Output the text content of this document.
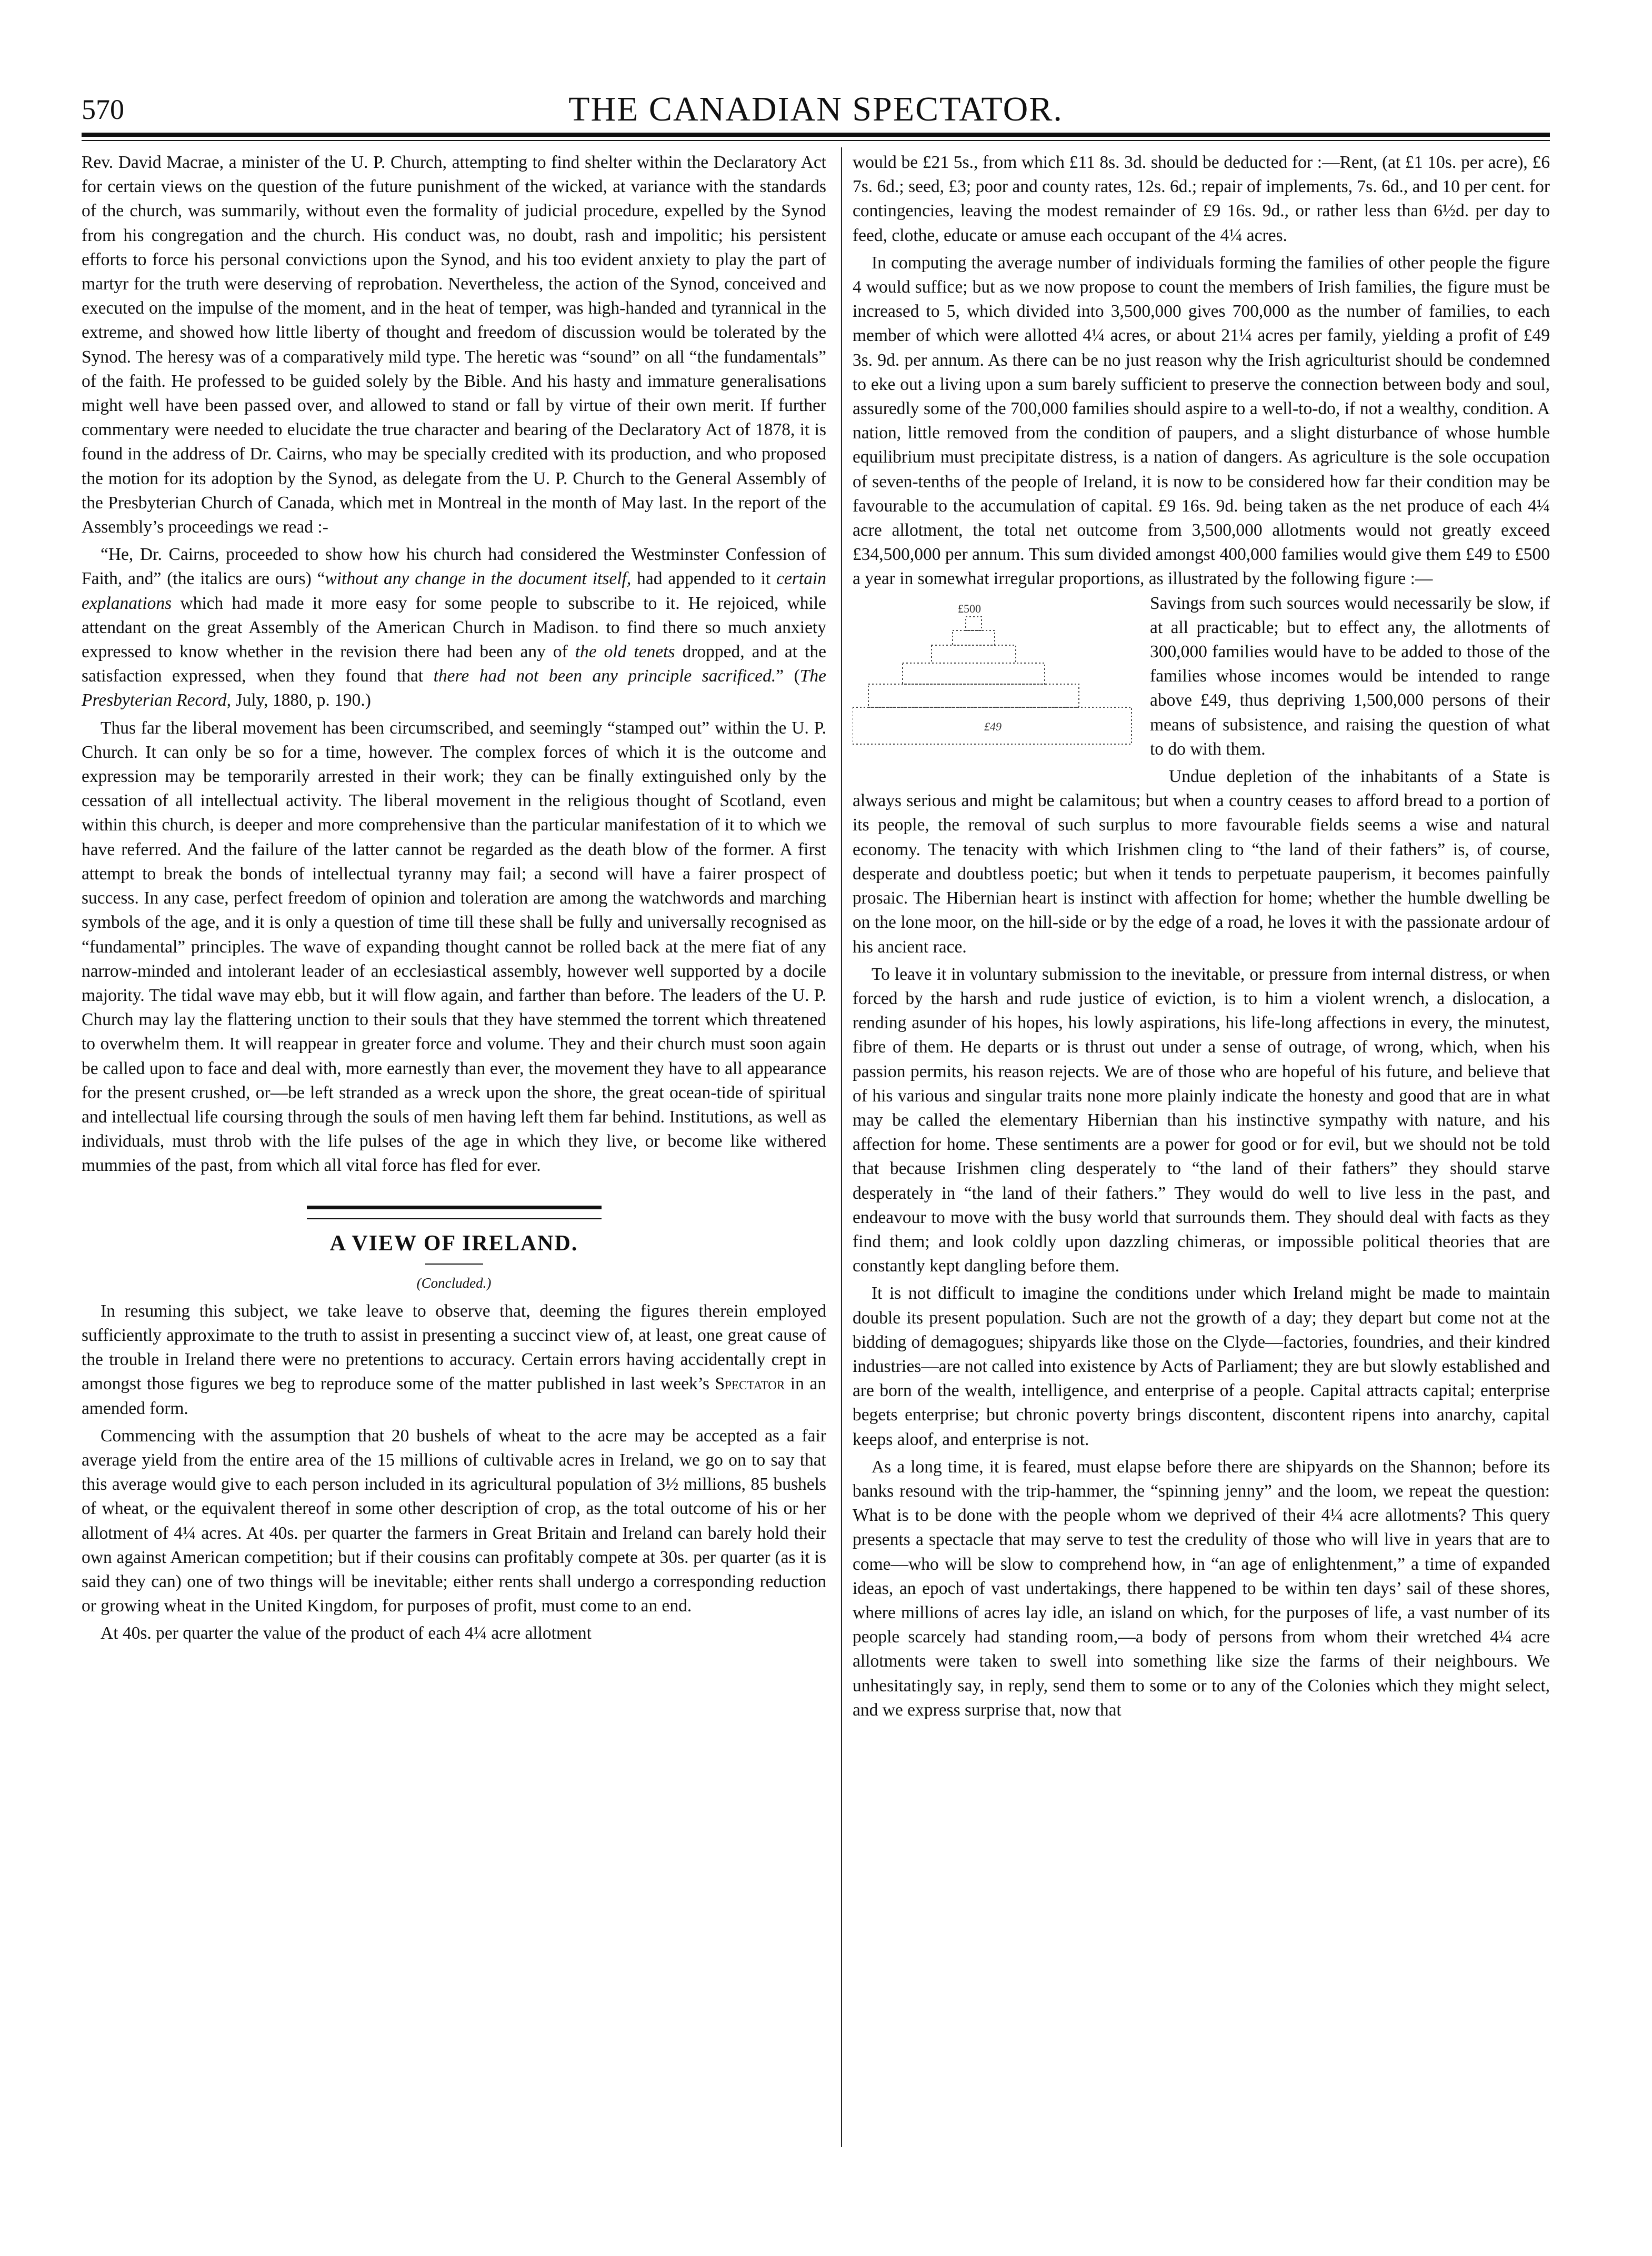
570	THE CANADIAN SPECTATOR.

Rev. David Macrae, a minister of the U. P. Church, attempting to find shelter within the Declaratory Act for certain views on the question of the future punishment of the wicked, at variance with the standards of the church, was summarily, without even the formality of judicial procedure, expelled by the Synod from his congregation and the church. His conduct was, no doubt, rash and impolitic; his persistent efforts to force his personal convictions upon the Synod, and his too evident anxiety to play the part of martyr for the truth were deserving of reprobation. Nevertheless, the action of the Synod, conceived and executed on the impulse of the moment, and in the heat of temper, was high-handed and tyrannical in the extreme, and showed how little liberty of thought and freedom of discussion would be tolerated by the Synod. The heresy was of a comparatively mild type. The heretic was “sound” on all “the fundamentals” of the faith. He professed to be guided solely by the Bible. And his hasty and immature generalisations might well have been passed over, and allowed to stand or fall by virtue of their own merit. If further commentary were needed to elucidate the true character and bearing of the Declaratory Act of 1878, it is found in the address of Dr. Cairns, who may be specially credited with its production, and who proposed the motion for its adoption by the Synod, as delegate from the U. P. Church to the General Assembly of the Presbyterian Church of Canada, which met in Montreal in the month of May last. In the report of the Assembly’s proceedings we read :-

“He, Dr. Cairns, proceeded to show how his church had considered the Westminster Confession of Faith, and” (the italics are ours) “without any change in the document itself, had appended to it certain explanations which had made it more easy for some people to subscribe to it. He rejoiced, while attendant on the great Assembly of the American Church in Madison. to find there so much anxiety expressed to know whether in the revision there had been any of the old tenets dropped, and at the satisfaction expressed, when they found that there had not been any principle sacrificed.” (The Presbyterian Record, July, 1880, p. 190.)

Thus far the liberal movement has been circumscribed, and seemingly “stamped out” within the U. P. Church. It can only be so for a time, however. The complex forces of which it is the outcome and expression may be temporarily arrested in their work; they can be finally extinguished only by the cessation of all intellectual activity. The liberal movement in the religious thought of Scotland, even within this church, is deeper and more comprehensive than the particular manifestation of it to which we have referred. And the failure of the latter cannot be regarded as the death blow of the former. A first attempt to break the bonds of intellectual tyranny may fail; a second will have a fairer prospect of success. In any case, perfect freedom of opinion and toleration are among the watchwords and marching symbols of the age, and it is only a question of time till these shall be fully and universally recognised as “fundamental” principles. The wave of expanding thought cannot be rolled back at the mere fiat of any narrow-minded and intolerant leader of an ecclesiastical assembly, however well supported by a docile majority. The tidal wave may ebb, but it will flow again, and farther than before. The leaders of the U. P. Church may lay the flattering unction to their souls that they have stemmed the torrent which threatened to overwhelm them. It will reappear in greater force and volume. They and their church must soon again be called upon to face and deal with, more earnestly than ever, the movement they have to all appearance for the present crushed, or—be left stranded as a wreck upon the shore, the great ocean-tide of spiritual and intellectual life coursing through the souls of men having left them far behind. Institutions, as well as individuals, must throb with the life pulses of the age in which they live, or become like withered mummies of the past, from which all vital force has fled for ever.

A VIEW OF IRELAND.
(Concluded.)

In resuming this subject, we take leave to observe that, deeming the figures therein employed sufficiently approximate to the truth to assist in presenting a succinct view of, at least, one great cause of the trouble in Ireland there were no pretentions to accuracy. Certain errors having accidentally crept in amongst those figures we beg to reproduce some of the matter published in last week’s Spectator in an amended form.

Commencing with the assumption that 20 bushels of wheat to the acre may be accepted as a fair average yield from the entire area of the 15 millions of cultivable acres in Ireland, we go on to say that this average would give to each person included in its agricultural population of 3½ millions, 85 bushels of wheat, or the equivalent thereof in some other description of crop, as the total outcome of his or her allotment of 4¼ acres. At 40s. per quarter the farmers in Great Britain and Ireland can barely hold their own against American competition; but if their cousins can profitably compete at 30s. per quarter (as it is said they can) one of two things will be inevitable; either rents shall undergo a corresponding reduction or growing wheat in the United Kingdom, for purposes of profit, must come to an end.

At 40s. per quarter the value of the product of each 4¼ acre allotment

would be £21 5s., from which £11 8s. 3d. should be deducted for :—Rent, (at £1 10s. per acre), £6 7s. 6d.; seed, £3; poor and county rates, 12s. 6d.; repair of implements, 7s. 6d., and 10 per cent. for contingencies, leaving the modest remainder of £9 16s. 9d., or rather less than 6½d. per day to feed, clothe, educate or amuse each occupant of the 4¼ acres.

In computing the average number of individuals forming the families of other people the figure 4 would suffice; but as we now propose to count the members of Irish families, the figure must be increased to 5, which divided into 3,500,000 gives 700,000 as the number of families, to each member of which were allotted 4¼ acres, or about 21¼ acres per family, yielding a profit of £49 3s. 9d. per annum. As there can be no just reason why the Irish agriculturist should be condemned to eke out a living upon a sum barely sufficient to preserve the connection between body and soul, assuredly some of the 700,000 families should aspire to a well-to-do, if not a wealthy, condition. A nation, little removed from the condition of paupers, and a slight disturbance of whose humble equilibrium must precipitate distress, is a nation of dangers. As agriculture is the sole occupation of seven-tenths of the people of Ireland, it is now to be considered how far their condition may be favourable to the accumulation of capital. £9 16s. 9d. being taken as the net produce of each 4¼ acre allotment, the total net outcome from 3,500,000 allotments would not greatly exceed £34,500,000 per annum. This sum divided amongst 400,000 families would give them £49 to £500 a year in somewhat irregular proportions, as illustrated by the following figure :—

£500
£49

Savings from such sources would necessarily be slow, if at all practicable; but to effect any, the allotments of 300,000 families would have to be added to those of the families whose incomes would be intended to range above £49, thus depriving 1,500,000 persons of their means of subsistence, and raising the question of what to do with them.

Undue depletion of the inhabitants of a State is always serious and might be calamitous; but when a country ceases to afford bread to a portion of its people, the removal of such surplus to more favourable fields seems a wise and natural economy. The tenacity with which Irishmen cling to “the land of their fathers” is, of course, desperate and doubtless poetic; but when it tends to perpetuate pauperism, it becomes painfully prosaic. The Hibernian heart is instinct with affection for home; whether the humble dwelling be on the lone moor, on the hill-side or by the edge of a road, he loves it with the passionate ardour of his ancient race.

To leave it in voluntary submission to the inevitable, or pressure from internal distress, or when forced by the harsh and rude justice of eviction, is to him a violent wrench, a dislocation, a rending asunder of his hopes, his lowly aspirations, his life-long affections in every, the minutest, fibre of them. He departs or is thrust out under a sense of outrage, of wrong, which, when his passion permits, his reason rejects. We are of those who are hopeful of his future, and believe that of his various and singular traits none more plainly indicate the honesty and good that are in what may be called the elementary Hibernian than his instinctive sympathy with nature, and his affection for home. These sentiments are a power for good or for evil, but we should not be told that because Irishmen cling desperately to “the land of their fathers” they should starve desperately in “the land of their fathers.” They would do well to live less in the past, and endeavour to move with the busy world that surrounds them. They should deal with facts as they find them; and look coldly upon dazzling chimeras, or impossible political theories that are constantly kept dangling before them.

It is not difficult to imagine the conditions under which Ireland might be made to maintain double its present population. Such are not the growth of a day; they depart but come not at the bidding of demagogues; shipyards like those on the Clyde—factories, foundries, and their kindred industries—are not called into existence by Acts of Parliament; they are but slowly established and are born of the wealth, intelligence, and enterprise of a people. Capital attracts capital; enterprise begets enterprise; but chronic poverty brings discontent, discontent ripens into anarchy, capital keeps aloof, and enterprise is not.

As a long time, it is feared, must elapse before there are shipyards on the Shannon; before its banks resound with the trip-hammer, the “spinning jenny” and the loom, we repeat the question: What is to be done with the people whom we deprived of their 4¼ acre allotments? This query presents a spectacle that may serve to test the credulity of those who will live in years that are to come—who will be slow to comprehend how, in “an age of enlightenment,” a time of expanded ideas, an epoch of vast undertakings, there happened to be within ten days’ sail of these shores, where millions of acres lay idle, an island on which, for the purposes of life, a vast number of its people scarcely had standing room,—a body of persons from whom their wretched 4¼ acre allotments were taken to swell into something like size the farms of their neighbours. We unhesitatingly say, in reply, send them to some or to any of the Colonies which they might select, and we express surprise that, now that
